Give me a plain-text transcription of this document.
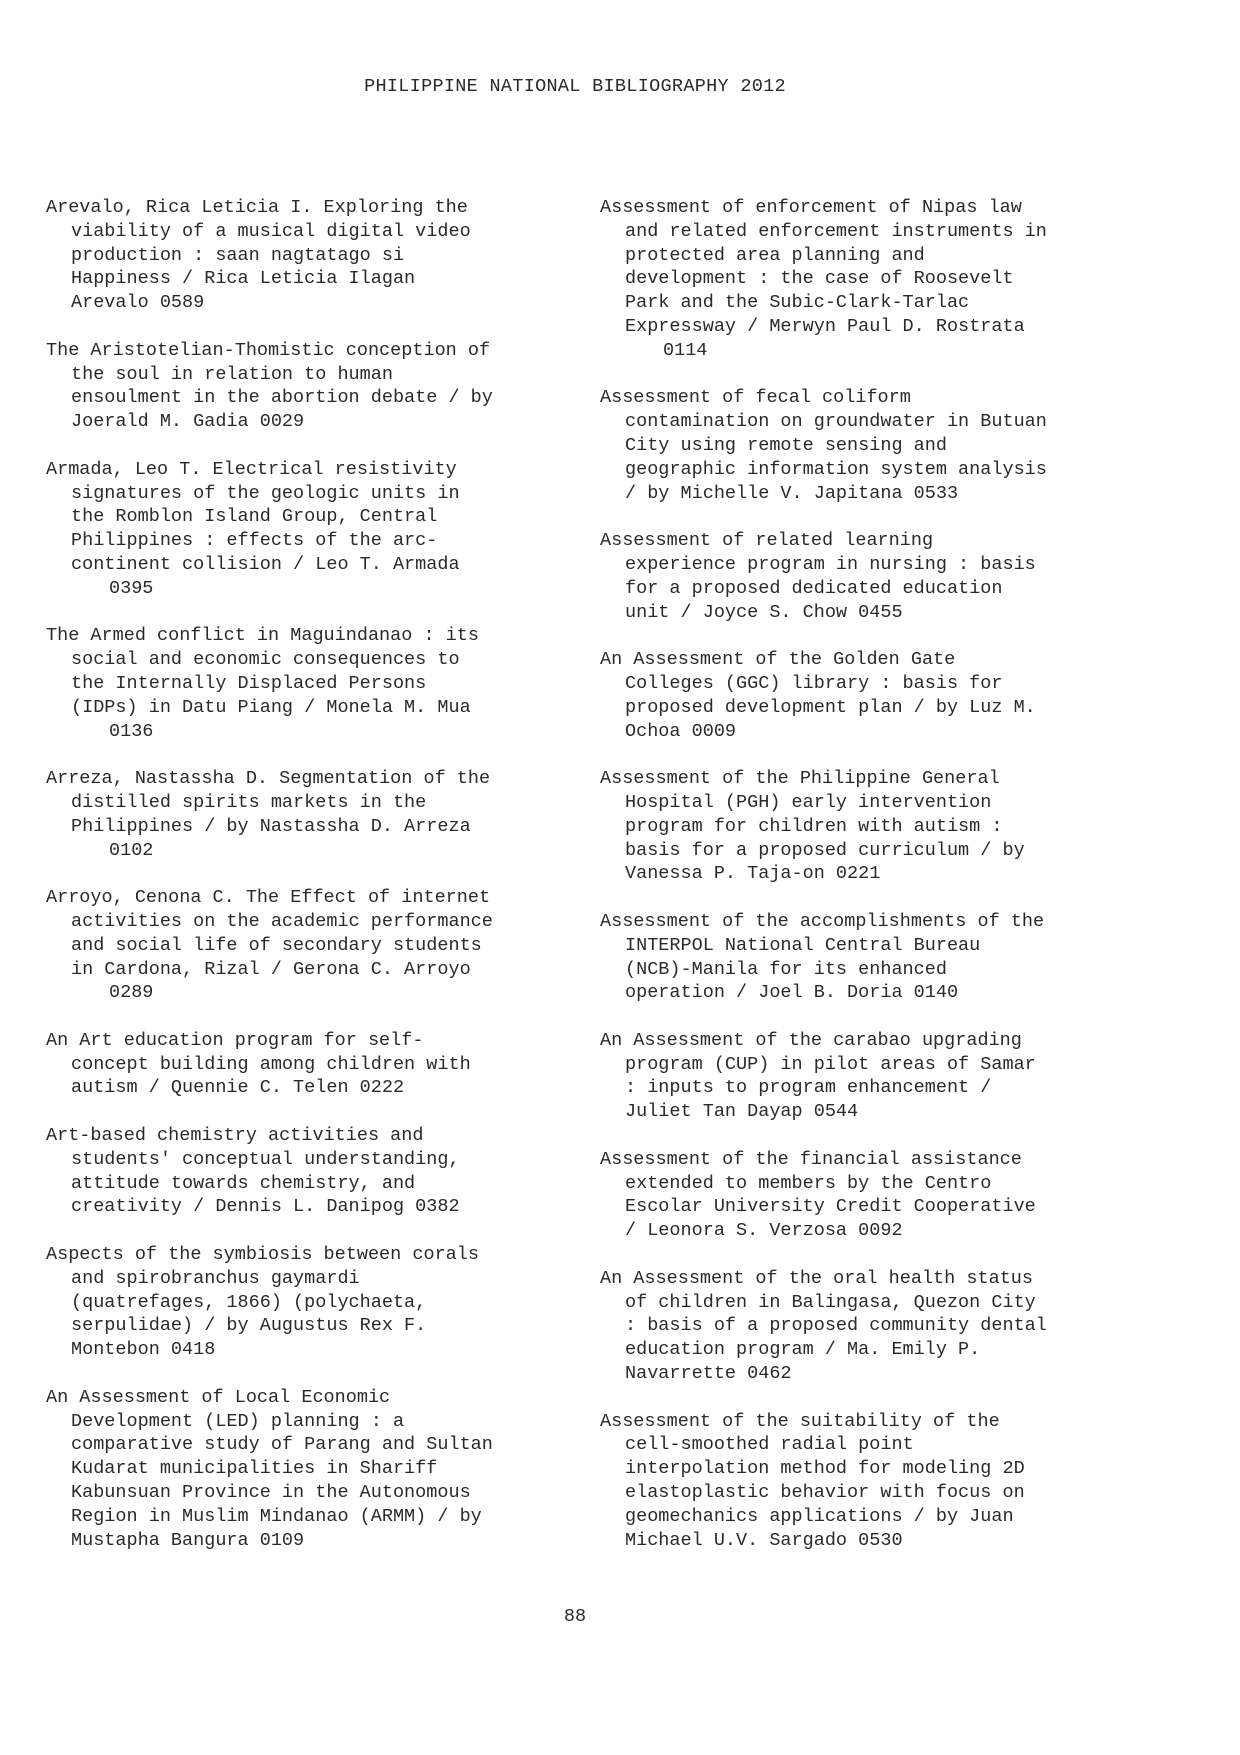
PHILIPPINE NATIONAL BIBLIOGRAPHY 2012
Arevalo, Rica Leticia I. Exploring the
viability of a musical digital video
production : saan nagtatago si
Happiness / Rica Leticia Ilagan
Arevalo 0589
The Aristotelian-Thomistic conception of
the soul in relation to human
ensoulment in the abortion debate / by
Joerald M. Gadia 0029
Armada, Leo T. Electrical resistivity
signatures of the geologic units in
the Romblon Island Group, Central
Philippines : effects of the arc-
continent collision / Leo T. Armada
0395
The Armed conflict in Maguindanao : its
social and economic consequences to
the Internally Displaced Persons
(IDPs) in Datu Piang / Monela M. Mua
0136
Arreza, Nastassha D. Segmentation of the
distilled spirits markets in the
Philippines / by Nastassha D. Arreza
0102
Arroyo, Cenona C. The Effect of internet
activities on the academic performance
and social life of secondary students
in Cardona, Rizal / Gerona C. Arroyo
0289
An Art education program for self-
concept building among children with
autism / Quennie C. Telen 0222
Art-based chemistry activities and
students' conceptual understanding,
attitude towards chemistry, and
creativity / Dennis L. Danipog 0382
Aspects of the symbiosis between corals
and spirobranchus gaymardi
(quatrefages, 1866) (polychaeta,
serpulidae) / by Augustus Rex F.
Montebon 0418
An Assessment of Local Economic
Development (LED) planning : a
comparative study of Parang and Sultan
Kudarat municipalities in Shariff
Kabunsuan Province in the Autonomous
Region in Muslim Mindanao (ARMM) / by
Mustapha Bangura 0109
Assessment of enforcement of Nipas law
and related enforcement instruments in
protected area planning and
development : the case of Roosevelt
Park and the Subic-Clark-Tarlac
Expressway / Merwyn Paul D. Rostrata
0114
Assessment of fecal coliform
contamination on groundwater in Butuan
City using remote sensing and
geographic information system analysis
/ by Michelle V. Japitana 0533
Assessment of related learning
experience program in nursing : basis
for a proposed dedicated education
unit / Joyce S. Chow 0455
An Assessment of the Golden Gate
Colleges (GGC) library : basis for
proposed development plan / by Luz M.
Ochoa 0009
Assessment of the Philippine General
Hospital (PGH) early intervention
program for children with autism :
basis for a proposed curriculum / by
Vanessa P. Taja-on 0221
Assessment of the accomplishments of the
INTERPOL National Central Bureau
(NCB)-Manila for its enhanced
operation / Joel B. Doria 0140
An Assessment of the carabao upgrading
program (CUP) in pilot areas of Samar
: inputs to program enhancement /
Juliet Tan Dayap 0544
Assessment of the financial assistance
extended to members by the Centro
Escolar University Credit Cooperative
/ Leonora S. Verzosa 0092
An Assessment of the oral health status
of children in Balingasa, Quezon City
: basis of a proposed community dental
education program / Ma. Emily P.
Navarrette 0462
Assessment of the suitability of the
cell-smoothed radial point
interpolation method for modeling 2D
elastoplastic behavior with focus on
geomechanics applications / by Juan
Michael U.V. Sargado 0530
88
